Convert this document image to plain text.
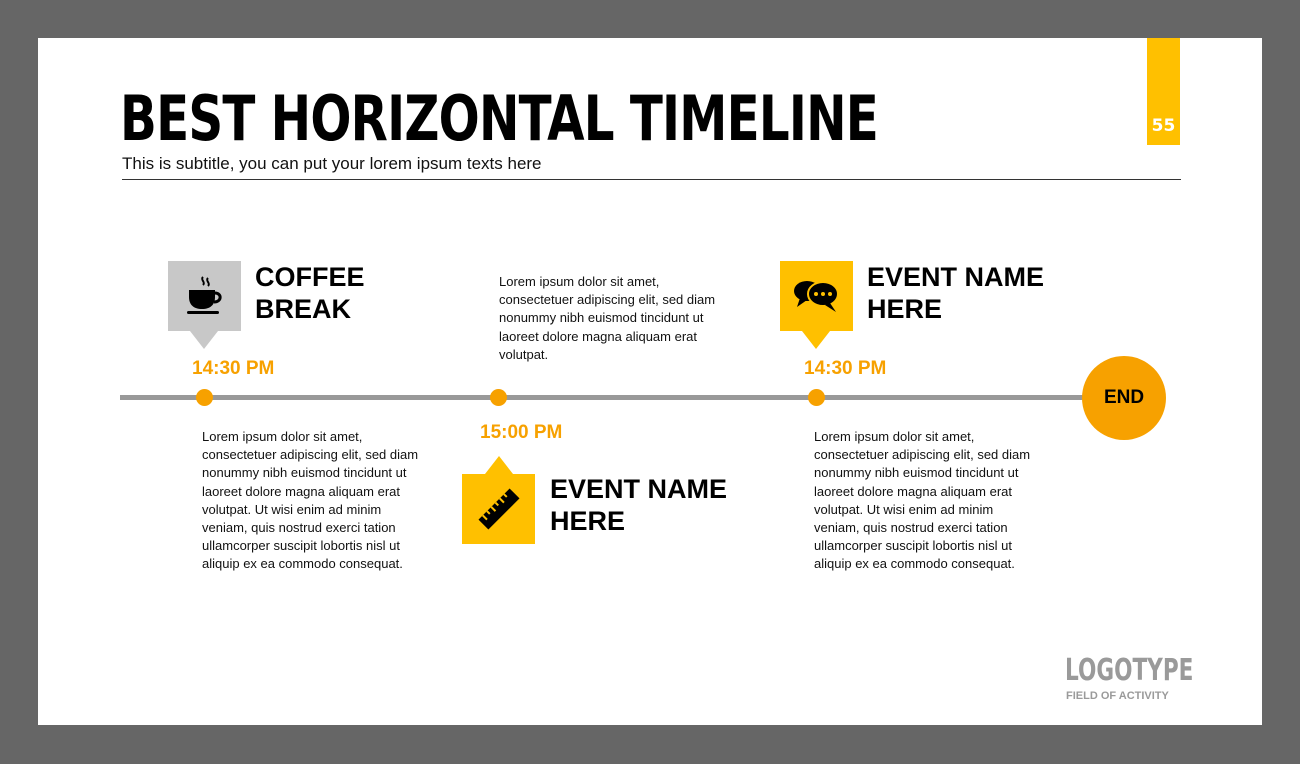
55
BEST HORIZONTAL TIMELINE
This is subtitle, you can put your lorem ipsum texts here
END
COFFEE
BREAK
14:30 PM
Lorem ipsum dolor sit amet, consectetuer adipiscing elit, sed diam nonummy nibh euismod tincidunt ut laoreet dolore magna aliquam erat volutpat. Ut wisi enim ad minim veniam, quis nostrud exerci tation ullamcorper suscipit lobortis nisl ut aliquip ex ea commodo consequat.
Lorem ipsum dolor sit amet, consectetuer adipiscing elit, sed diam nonummy nibh euismod tincidunt ut laoreet dolore magna aliquam erat volutpat.
15:00 PM
EVENT NAME
HERE
EVENT NAME
HERE
14:30 PM
Lorem ipsum dolor sit amet, consectetuer adipiscing elit, sed diam nonummy nibh euismod tincidunt ut laoreet dolore magna aliquam erat volutpat. Ut wisi enim ad minim veniam, quis nostrud exerci tation ullamcorper suscipit lobortis nisl ut aliquip ex ea commodo consequat.
LOGOTYPE
FIELD OF ACTIVITY
